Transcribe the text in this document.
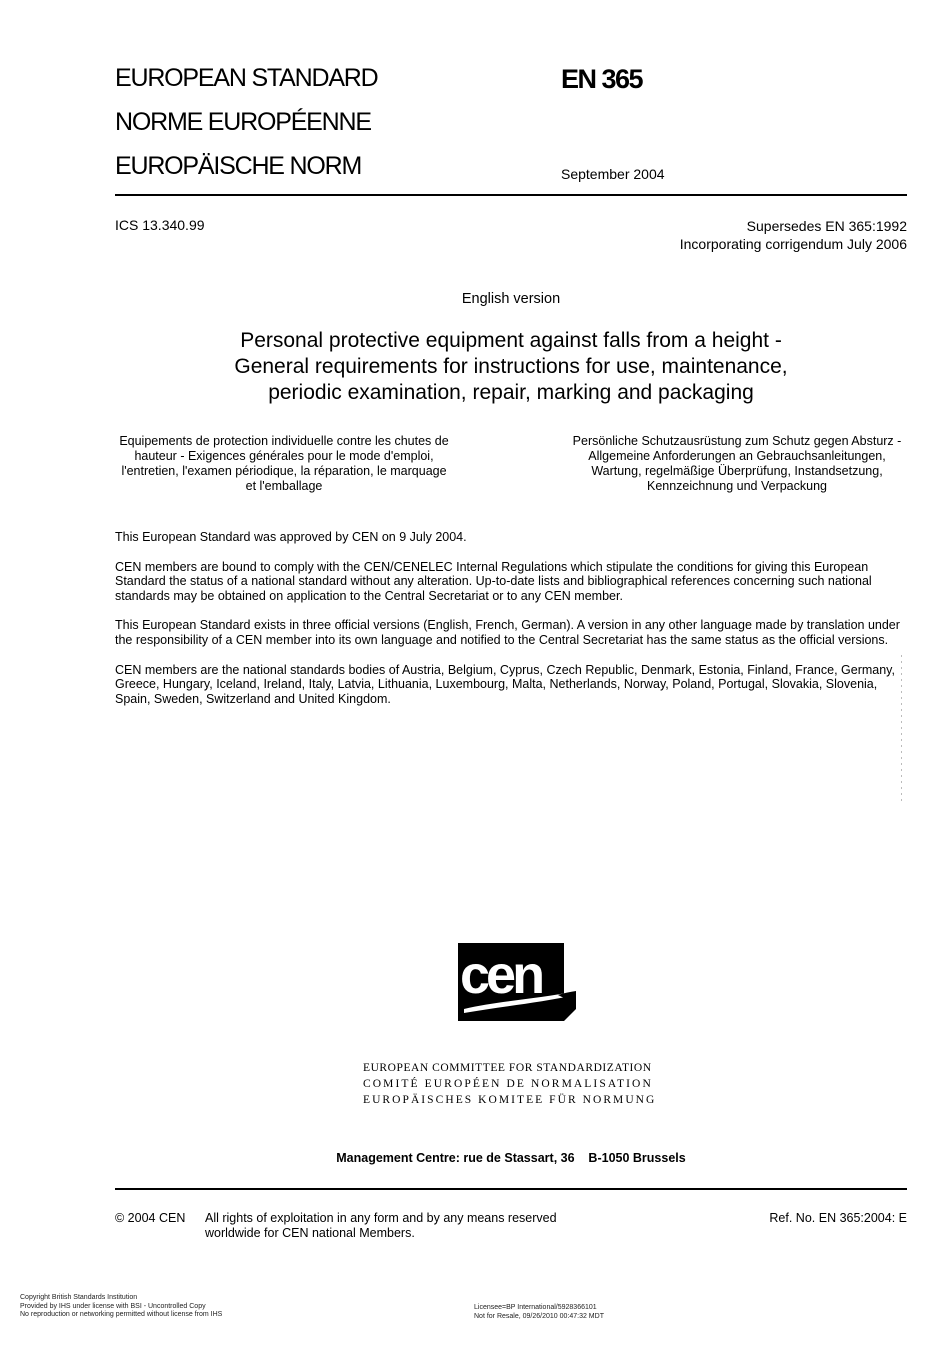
EUROPEAN STANDARD
NORME EUROPÉENNE
EUROPÄISCHE NORM
EN 365
September 2004
ICS 13.340.99	Supersedes EN 365:1992
Incorporating corrigendum July 2006
English version
Personal protective equipment against falls from a height -
General requirements for instructions for use, maintenance,
periodic examination, repair, marking and packaging
Equipements de protection individuelle contre les chutes de
hauteur - Exigences générales pour le mode d'emploi,
l'entretien, l'examen périodique, la réparation, le marquage
et l'emballage
Persönliche Schutzausrüstung zum Schutz gegen Absturz -
Allgemeine Anforderungen an Gebrauchsanleitungen,
Wartung, regelmäßige Überprüfung, Instandsetzung,
Kennzeichnung und Verpackung

This European Standard was approved by CEN on 9 July 2004.

CEN members are bound to comply with the CEN/CENELEC Internal Regulations which stipulate the conditions for giving this European Standard the status of a national standard without any alteration. Up-to-date lists and bibliographical references concerning such national standards may be obtained on application to the Central Secretariat or to any CEN member.

This European Standard exists in three official versions (English, French, German). A version in any other language made by translation under the responsibility of a CEN member into its own language and notified to the Central Secretariat has the same status as the official versions.

CEN members are the national standards bodies of Austria, Belgium, Cyprus, Czech Republic, Denmark, Estonia, Finland, France, Germany, Greece, Hungary, Iceland, Ireland, Italy, Latvia, Lithuania, Luxembourg, Malta, Netherlands, Norway, Poland, Portugal, Slovakia, Slovenia, Spain, Sweden, Switzerland and United Kingdom.

cen
EUROPEAN COMMITTEE FOR STANDARDIZATION
COMITÉ EUROPÉEN DE NORMALISATION
EUROPÄISCHES KOMITEE FÜR NORMUNG
Management Centre: rue de Stassart, 36    B-1050 Brussels
© 2004 CEN All rights of exploitation in any form and by any means reserved
worldwide for CEN national Members.
Ref. No. EN 365:2004: E
Copyright British Standards Institution
Provided by IHS under license with BSI - Uncontrolled Copy
No reproduction or networking permitted without license from IHS
Licensee=BP International/5928366101
Not for Resale, 09/26/2010 00:47:32 MDT
